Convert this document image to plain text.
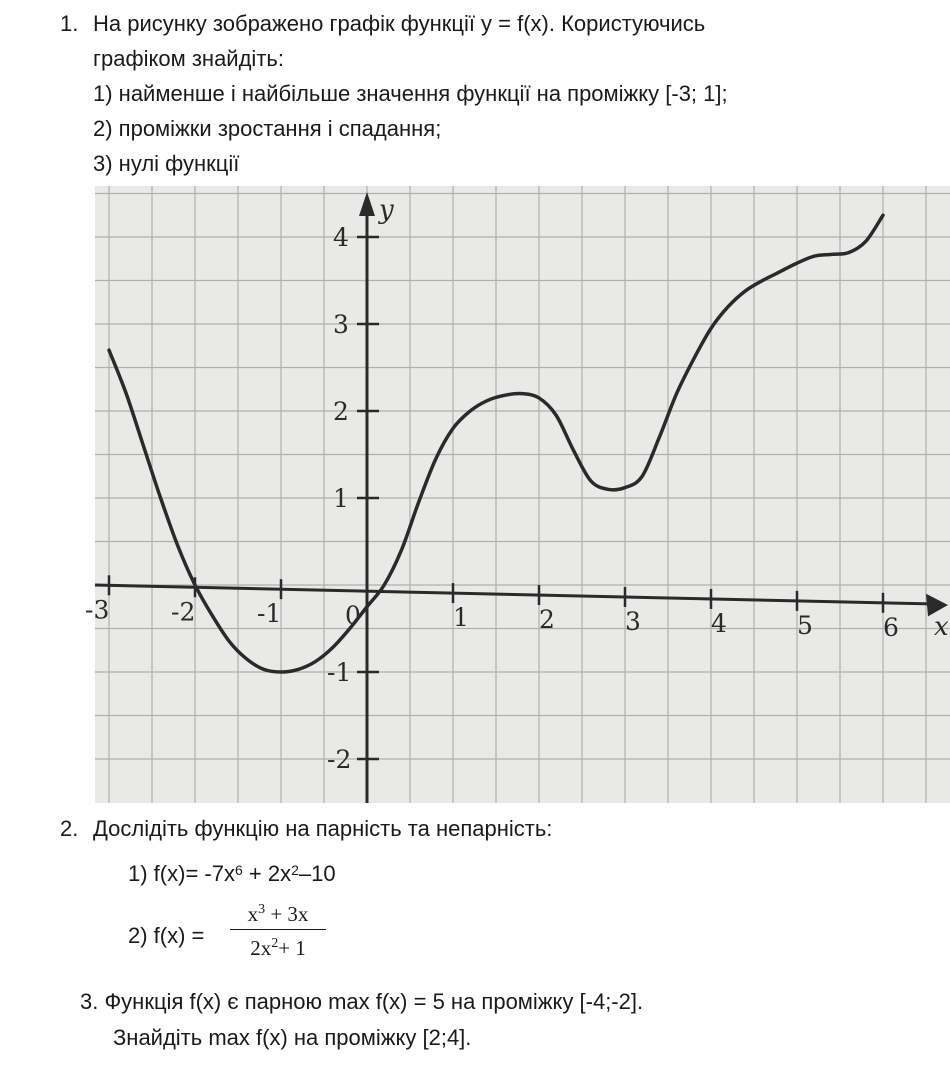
1. На рисунку зображено графік функції y = f(x). Користуючись
графіком знайдіть:
1) найменше і найбільше значення функції на проміжку [-3; 1];
2) проміжки зростання і спадання;
3) нулі функції
-3 -2 -1	0	1	2	3	4	5	6
-2
-1
1
2
3
4
x
y
2. Дослідіть функцію на парність та непарність:
1) $f(x)= -7x^6 + 2x^2-10$
2) f(x) =
$x^3 + 3x$
$2x^2+ 1$
3. Функція f(x) є парною max f(x) = 5 на проміжку [-4;-2].
Знайдіть max f(x) на проміжку [2;4].
